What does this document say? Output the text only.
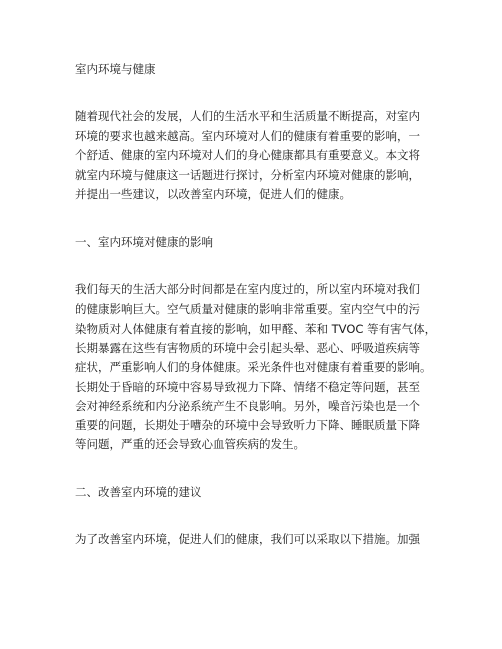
室内环境与健康
随着现代社会的发展，人们的生活水平和生活质量不断提高，对室内
环境的要求也越来越高。室内环境对人们的健康有着重要的影响，一
个舒适、健康的室内环境对人们的身心健康都具有重要意义。本文将
就室内环境与健康这一话题进行探讨，分析室内环境对健康的影响，
并提出一些建议，以改善室内环境，促进人们的健康。
一、室内环境对健康的影响
我们每天的生活大部分时间都是在室内度过的，所以室内环境对我们
的健康影响巨大。空气质量对健康的影响非常重要。室内空气中的污
染物质对人体健康有着直接的影响，如甲醛、苯和 TVOC 等有害气体，
长期暴露在这些有害物质的环境中会引起头晕、恶心、呼吸道疾病等
症状，严重影响人们的身体健康。采光条件也对健康有着重要的影响。
长期处于昏暗的环境中容易导致视力下降、情绪不稳定等问题，甚至
会对神经系统和内分泌系统产生不良影响。另外，噪音污染也是一个
重要的问题，长期处于嘈杂的环境中会导致听力下降、睡眠质量下降
等问题，严重的还会导致心血管疾病的发生。
二、改善室内环境的建议
为了改善室内环境，促进人们的健康，我们可以采取以下措施。加强
